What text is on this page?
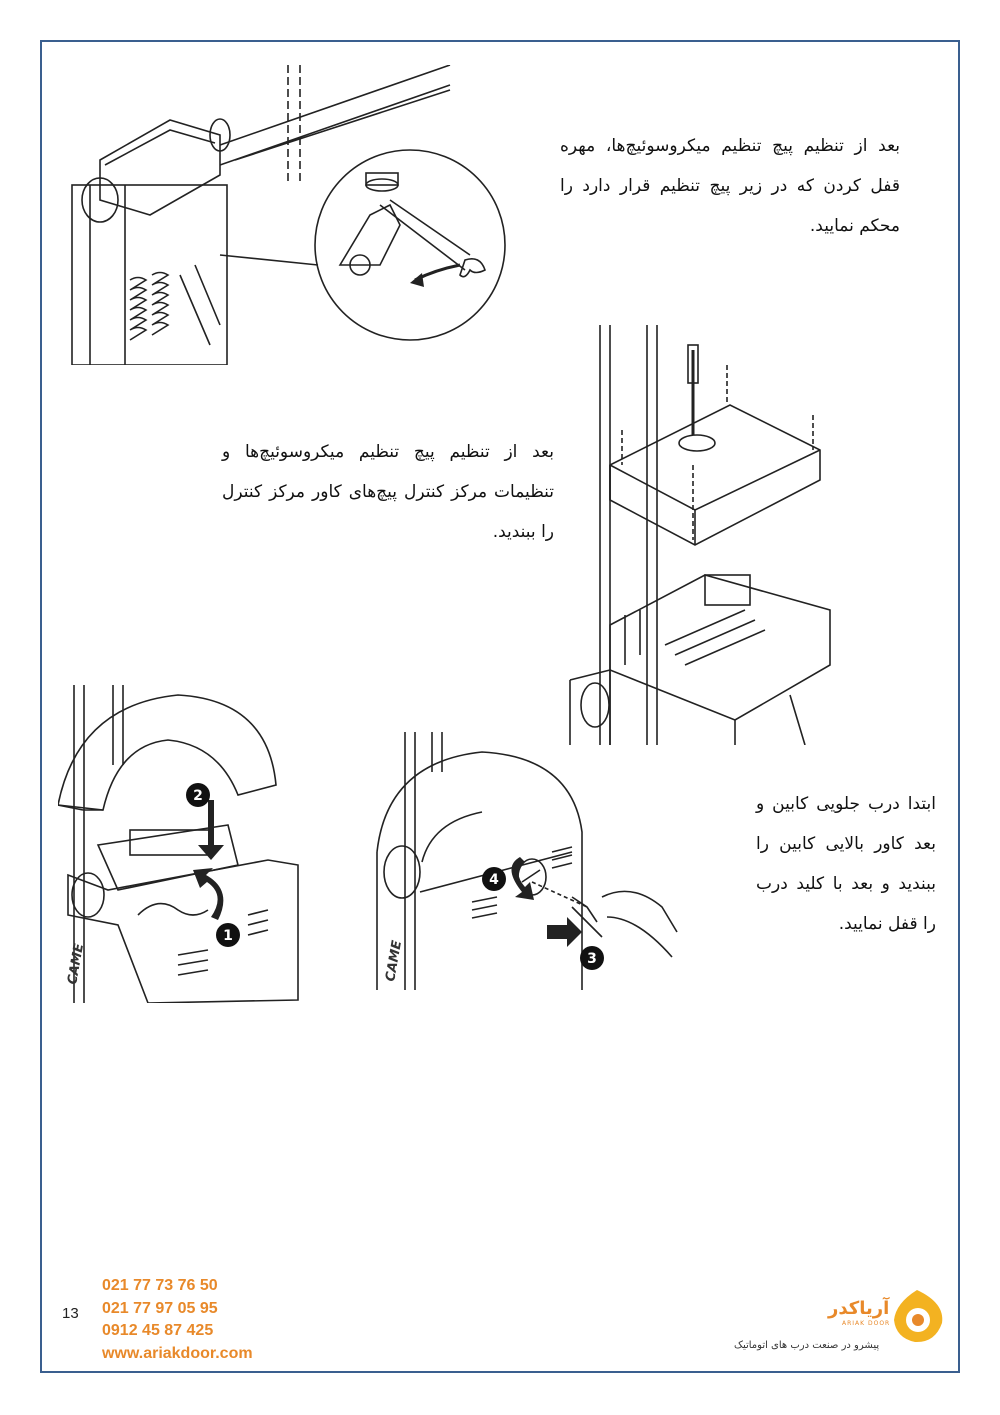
بعد از تنظیم پیچ تنظیم میکروسوئیچ‌ها، مهره قفل کردن که در زیر پیچ تنظیم قرار دارد را محکم نمایید.

بعد از تنظیم پیچ تنظیم میکروسوئیچ‌ها و تنظیمات مرکز کنترل پیچ‌های کاور مرکز کنترل را ببندید.

ابتدا درب جلویی کابین و بعد کاور بالایی کابین را ببندید و بعد با کلید درب را قفل نمایید.

CAME
2
1
CAME
4
3
13
021 77 73 76 50
021 77 97 05 95
0912 45 87 425
www.ariakdoor.com
آریاکدر
ARIAK DOOR
پیشرو در صنعت درب های اتوماتیک
